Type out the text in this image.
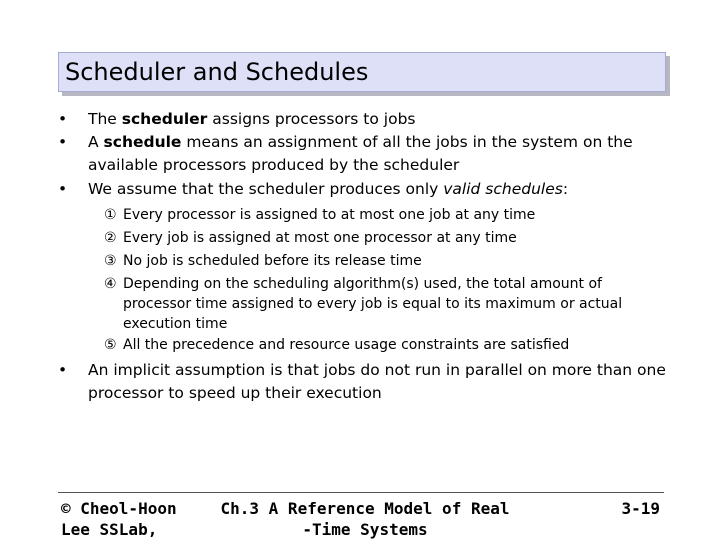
Scheduler and Schedules
•	The scheduler assigns processors to jobs
•	A schedule means an assignment of all the jobs in the system on the available processors produced by the scheduler
•	We assume that the scheduler produces only valid schedules:
① Every processor is assigned to at most one job at any time
② Every job is assigned at most one processor at any time
③ No job is scheduled before its release time
④ Depending on the scheduling algorithm(s) used, the total amount of processor time assigned to every job is equal to its maximum or actual execution time
⑤ All the precedence and resource usage constraints are satisfied
•	An implicit assumption is that jobs do not run in parallel on more than one processor to speed up their execution
© Cheol-Hoon
Lee SSLab,
Ch.3 A Reference Model of Real
-Time Systems
3-19
